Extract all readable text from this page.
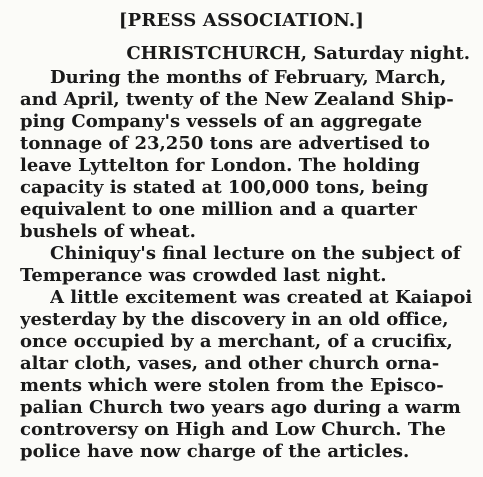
[PRESS ASSOCIATION.]
CHRISTCHURCH, Saturday night.
During the months of February, March,
and April, twenty of the New Zealand Ship-
ping Company's vessels of an aggregate
tonnage of 23,250 tons are advertised to
leave Lyttelton for London. The holding
capacity is stated at 100,000 tons, being
equivalent to one million and a quarter
bushels of wheat.
Chiniquy's final lecture on the subject of
Temperance was crowded last night.
A little excitement was created at Kaiapoi
yesterday by the discovery in an old office,
once occupied by a merchant, of a crucifix,
altar cloth, vases, and other church orna-
ments which were stolen from the Episco-
palian Church two years ago during a warm
controversy on High and Low Church. The
police have now charge of the articles.
